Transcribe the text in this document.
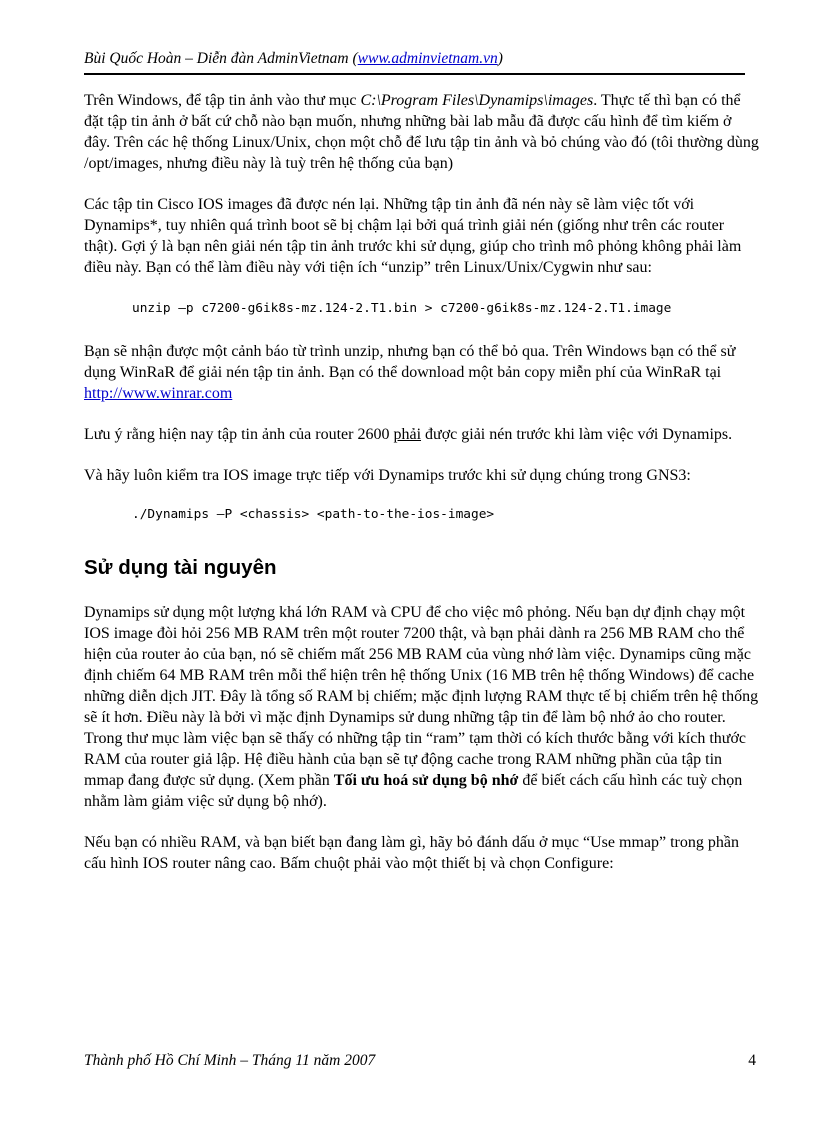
Bùi Quốc Hoàn – Diễn đàn AdminVietnam (www.adminvietnam.vn)

Trên Windows, để tập tin ảnh vào thư mục C:\Program Files\Dynamips\images. Thực tế thì bạn có thể đặt tập tin ảnh ở bất cứ chỗ nào bạn muốn, nhưng những bài lab mẫu đã được cấu hình để tìm kiếm ở đây. Trên các hệ thống Linux/Unix, chọn một chỗ để lưu tập tin ảnh và bỏ chúng vào đó (tôi thường dùng /opt/images, nhưng điều này là tuỳ trên hệ thống của bạn)

Các tập tin Cisco IOS images đã được nén lại. Những tập tin ảnh đã nén này sẽ làm việc tốt với Dynamips*, tuy nhiên quá trình boot sẽ bị chậm lại bởi quá trình giải nén (giống như trên các router thật). Gợi ý là bạn nên giải nén tập tin ảnh trước khi sử dụng, giúp cho trình mô phỏng không phải làm điều này. Bạn có thể làm điều này với tiện ích “unzip” trên Linux/Unix/Cygwin như sau:

unzip –p c7200-g6ik8s-mz.124-2.T1.bin > c7200-g6ik8s-mz.124-2.T1.image

Bạn sẽ nhận được một cảnh báo từ trình unzip, nhưng bạn có thể bỏ qua. Trên Windows bạn có thể sử dụng WinRaR để giải nén tập tin ảnh. Bạn có thể download một bản copy miễn phí của WinRaR tại http://www.winrar.com

Lưu ý rằng hiện nay tập tin ảnh của router 2600 phải được giải nén trước khi làm việc với Dynamips.

Và hãy luôn kiểm tra IOS image trực tiếp với Dynamips trước khi sử dụng chúng trong GNS3:

./Dynamips –P <chassis> <path-to-the-ios-image>
Sử dụng tài nguyên

Dynamips sử dụng một lượng khá lớn RAM và CPU để cho việc mô phỏng. Nếu bạn dự định chạy một IOS image đòi hỏi 256 MB RAM trên một router 7200 thật, và bạn phải dành ra 256 MB RAM cho thể hiện của router ảo của bạn, nó sẽ chiếm mất 256 MB RAM của vùng nhớ làm việc. Dynamips cũng mặc định chiếm 64 MB RAM trên mỗi thể hiện trên hệ thống Unix (16 MB trên hệ thống Windows) để cache những diễn dịch JIT. Đây là tổng số RAM bị chiếm; mặc định lượng RAM thực tế bị chiếm trên hệ thống sẽ ít hơn. Điều này là bởi vì mặc định Dynamips sử dung những tập tin để làm bộ nhớ ảo cho router. Trong thư mục làm việc bạn sẽ thấy có những tập tin “ram” tạm thời có kích thước bằng với kích thước RAM của router giả lập. Hệ điều hành của bạn sẽ tự động cache trong RAM những phần của tập tin mmap đang được sử dụng. (Xem phần Tối ưu hoá sử dụng bộ nhớ để biết cách cấu hình các tuỳ chọn nhằm làm giảm việc sử dụng bộ nhớ).

Nếu bạn có nhiều RAM, và bạn biết bạn đang làm gì, hãy bỏ đánh dấu ở mục “Use mmap” trong phần cấu hình IOS router nâng cao. Bấm chuột phải vào một thiết bị và chọn Configure:

Thành phố Hồ Chí Minh – Tháng 11 năm 2007	4
